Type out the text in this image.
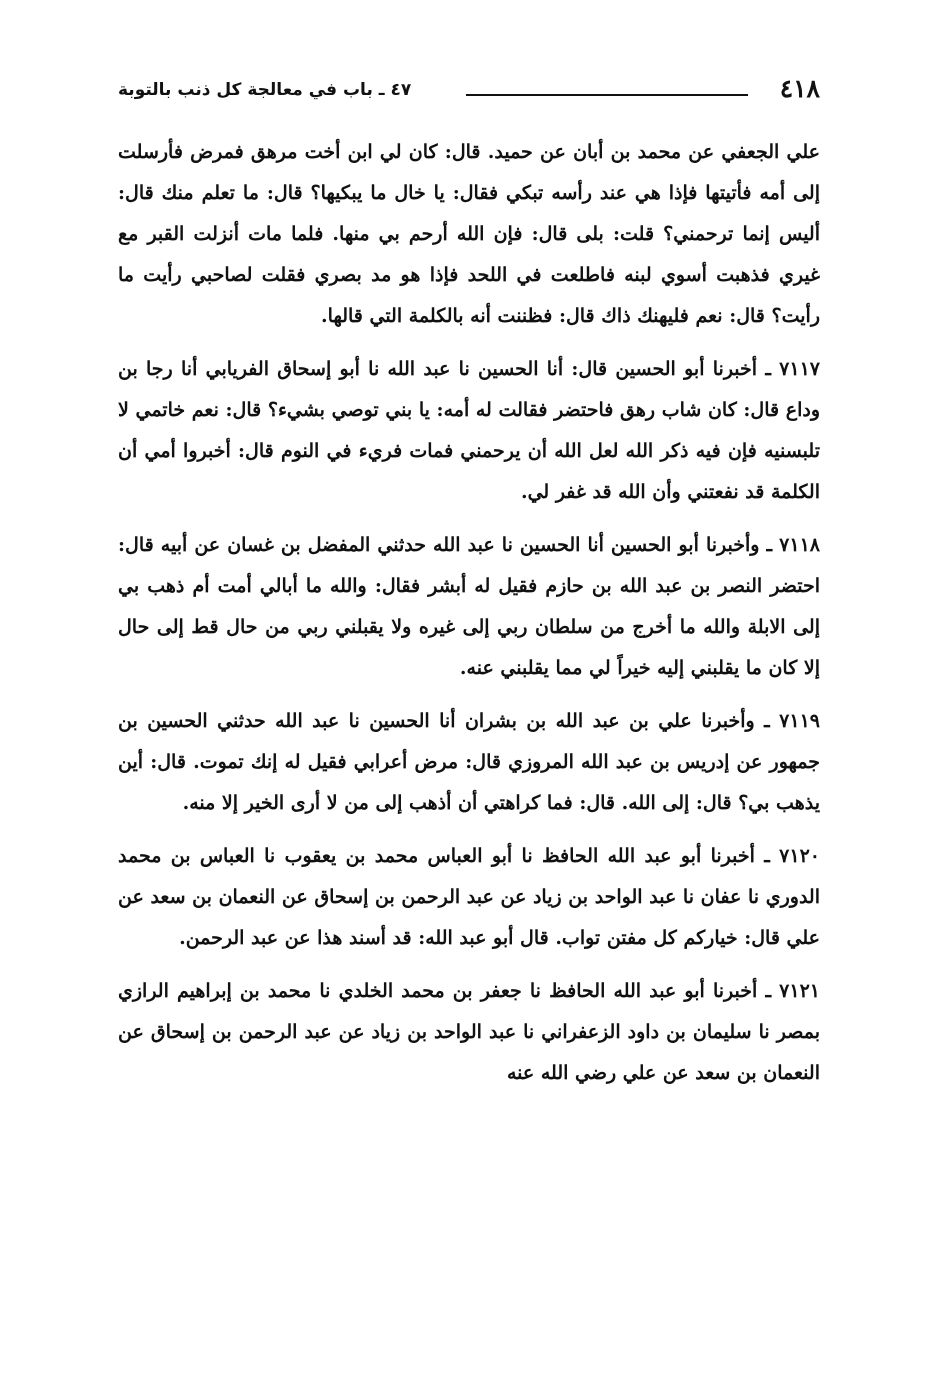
٤١٨
٤٧ ـ باب في معالجة كل ذنب بالتوبة

علي الجعفي عن محمد بن أبان عن حميد. قال: كان لي ابن أخت مرهق فمرض فأرسلت إلى أمه فأتيتها فإذا هي عند رأسه تبكي فقال: يا خال ما يبكيها؟ قال: ما تعلم منك قال: أليس إنما ترحمني؟ قلت: بلى قال: فإن الله أرحم بي منها. فلما مات أنزلت القبر مع غيري فذهبت أسوي لبنه فاطلعت في اللحد فإذا هو مد بصري فقلت لصاحبي رأيت ما رأيت؟ قال: نعم فليهنك ذاك قال: فظننت أنه بالكلمة التي قالها.

٧١١٧ ـ أخبرنا أبو الحسين قال: أنا الحسين نا عبد الله نا أبو إسحاق الفريابي أنا رجا بن وداع قال: كان شاب رهق فاحتضر فقالت له أمه: يا بني توصي بشيء؟ قال: نعم خاتمي لا تلبسنيه فإن فيه ذكر الله لعل الله أن يرحمني فمات فريء في النوم قال: أخبروا أمي أن الكلمة قد نفعتني وأن الله قد غفر لي.

٧١١٨ ـ وأخبرنا أبو الحسين أنا الحسين نا عبد الله حدثني المفضل بن غسان عن أبيه قال: احتضر النصر بن عبد الله بن حازم فقيل له أبشر فقال: والله ما أبالي أمت أم ذهب بي إلى الابلة والله ما أخرج من سلطان ربي إلى غيره ولا يقبلني ربي من حال قط إلى حال إلا كان ما يقلبني إليه خيراً لي مما يقلبني عنه.

٧١١٩ ـ وأخبرنا علي بن عبد الله بن بشران أنا الحسين نا عبد الله حدثني الحسين بن جمهور عن إدريس بن عبد الله المروزي قال: مرض أعرابي فقيل له إنك تموت. قال: أين يذهب بي؟ قال: إلى الله. قال: فما كراهتي أن أذهب إلى من لا أرى الخير إلا منه.

٧١٢٠ ـ أخبرنا أبو عبد الله الحافظ نا أبو العباس محمد بن يعقوب نا العباس بن محمد الدوري نا عفان نا عبد الواحد بن زياد عن عبد الرحمن بن إسحاق عن النعمان بن سعد عن علي قال: خياركم كل مفتن تواب. قال أبو عبد الله: قد أسند هذا عن عبد الرحمن.

٧١٢١ ـ أخبرنا أبو عبد الله الحافظ نا جعفر بن محمد الخلدي نا محمد بن إبراهيم الرازي بمصر نا سليمان بن داود الزعفراني نا عبد الواحد بن زياد عن عبد الرحمن بن إسحاق عن النعمان بن سعد عن علي رضي الله عنه
